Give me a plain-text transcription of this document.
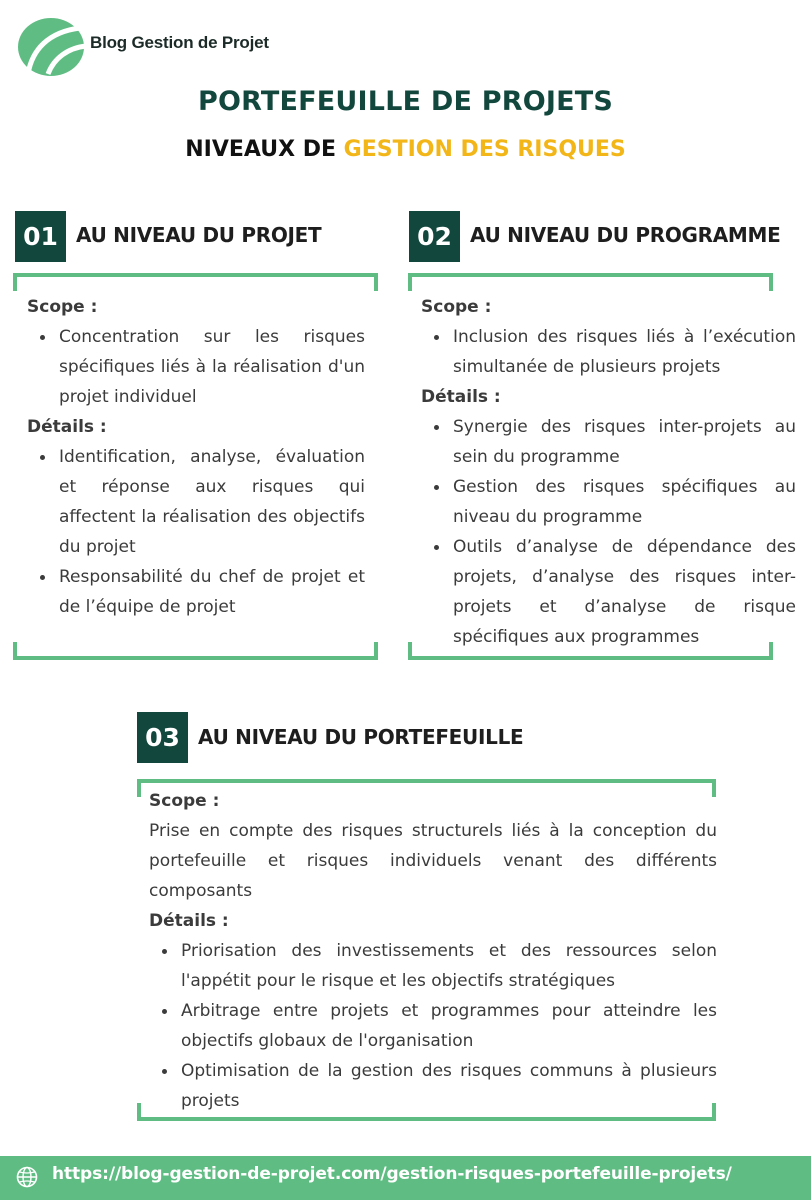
Blog Gestion de Projet
PORTEFEUILLE DE PROJETS
NIVEAUX DE GESTION DES RISQUES
01 AU NIVEAU DU PROJET
Scope :
Concentration sur les risques spécifiques liés à la réalisation d'un projet individuel
Détails :
Identification, analyse, évaluation et réponse aux risques qui affectent la réalisation des objectifs du projet
Responsabilité du chef de projet et de l’équipe de projet
02 AU NIVEAU DU PROGRAMME
Scope :
Inclusion des risques liés à l’exécution simultanée de plusieurs projets
Détails :
Synergie des risques inter-projets au sein du programme
Gestion des risques spécifiques au niveau du programme
Outils d’analyse de dépendance des projets, d’analyse des risques inter-projets et d’analyse de risque spécifiques aux programmes
03 AU NIVEAU DU PORTEFEUILLE
Scope :
Prise en compte des risques structurels liés à la conception du portefeuille et risques individuels venant des différents composants
Détails :
Priorisation des investissements et des ressources selon l'appétit pour le risque et les objectifs stratégiques
Arbitrage entre projets et programmes pour atteindre les objectifs globaux de l'organisation
Optimisation de la gestion des risques communs à plusieurs projets
https://blog-gestion-de-projet.com/gestion-risques-portefeuille-projets/
